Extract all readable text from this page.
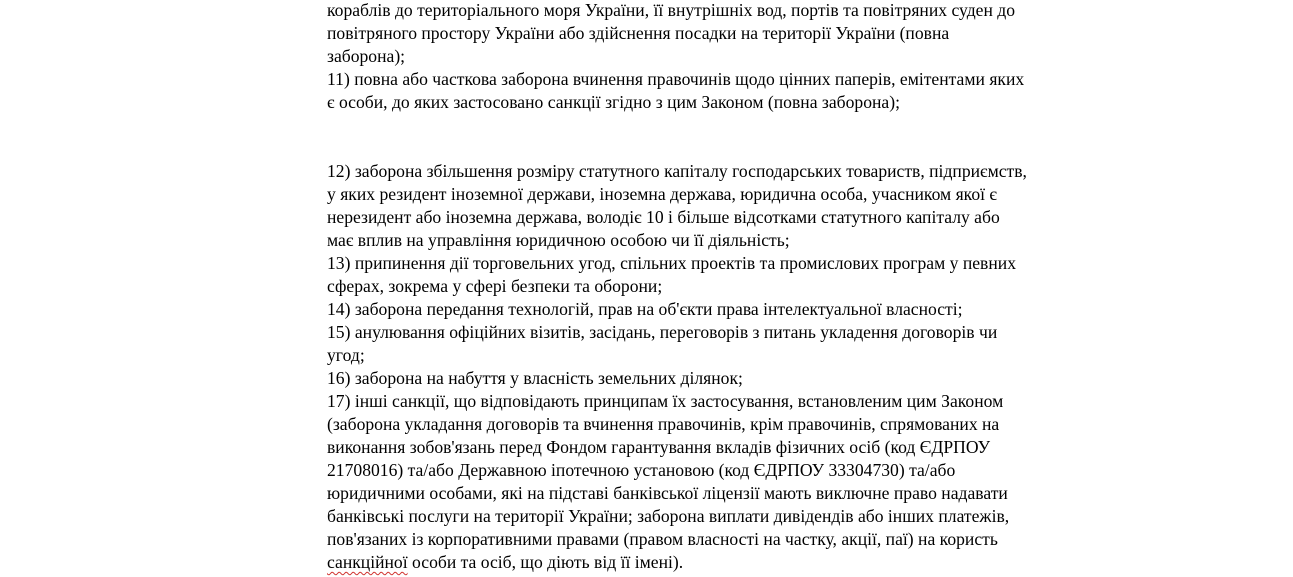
кораблів до територіального моря України, її внутрішніх вод, портів та повітряних суден до
повітряного простору України або здійснення посадки на території України (повна
заборона);
11) повна або часткова заборона вчинення правочинів щодо цінних паперів, емітентами яких
є особи, до яких застосовано санкції згідно з цим Законом (повна заборона);
12) заборона збільшення розміру статутного капіталу господарських товариств, підприємств,
у яких резидент іноземної держави, іноземна держава, юридична особа, учасником якої є
нерезидент або іноземна держава, володіє 10 і більше відсотками статутного капіталу або
має вплив на управління юридичною особою чи її діяльність;
13) припинення дії торговельних угод, спільних проектів та промислових програм у певних
сферах, зокрема у сфері безпеки та оборони;
14) заборона передання технологій, прав на об'єкти права інтелектуальної власності;
15) анулювання офіційних візитів, засідань, переговорів з питань укладення договорів чи
угод;
16) заборона на набуття у власність земельних ділянок;
17) інші санкції, що відповідають принципам їх застосування, встановленим цим Законом
(заборона укладання договорів та вчинення правочинів, крім правочинів, спрямованих на
виконання зобов'язань перед Фондом гарантування вкладів фізичних осіб (код ЄДРПОУ
21708016) та/або Державною іпотечною установою (код ЄДРПОУ 33304730) та/або
юридичними особами, які на підставі банківської ліцензії мають виключне право надавати
банківські послуги на території України; заборона виплати дивідендів або інших платежів,
пов'язаних із корпоративними правами (правом власності на частку, акції, паї) на користь
санкційної особи та осіб, що діють від її імені).
